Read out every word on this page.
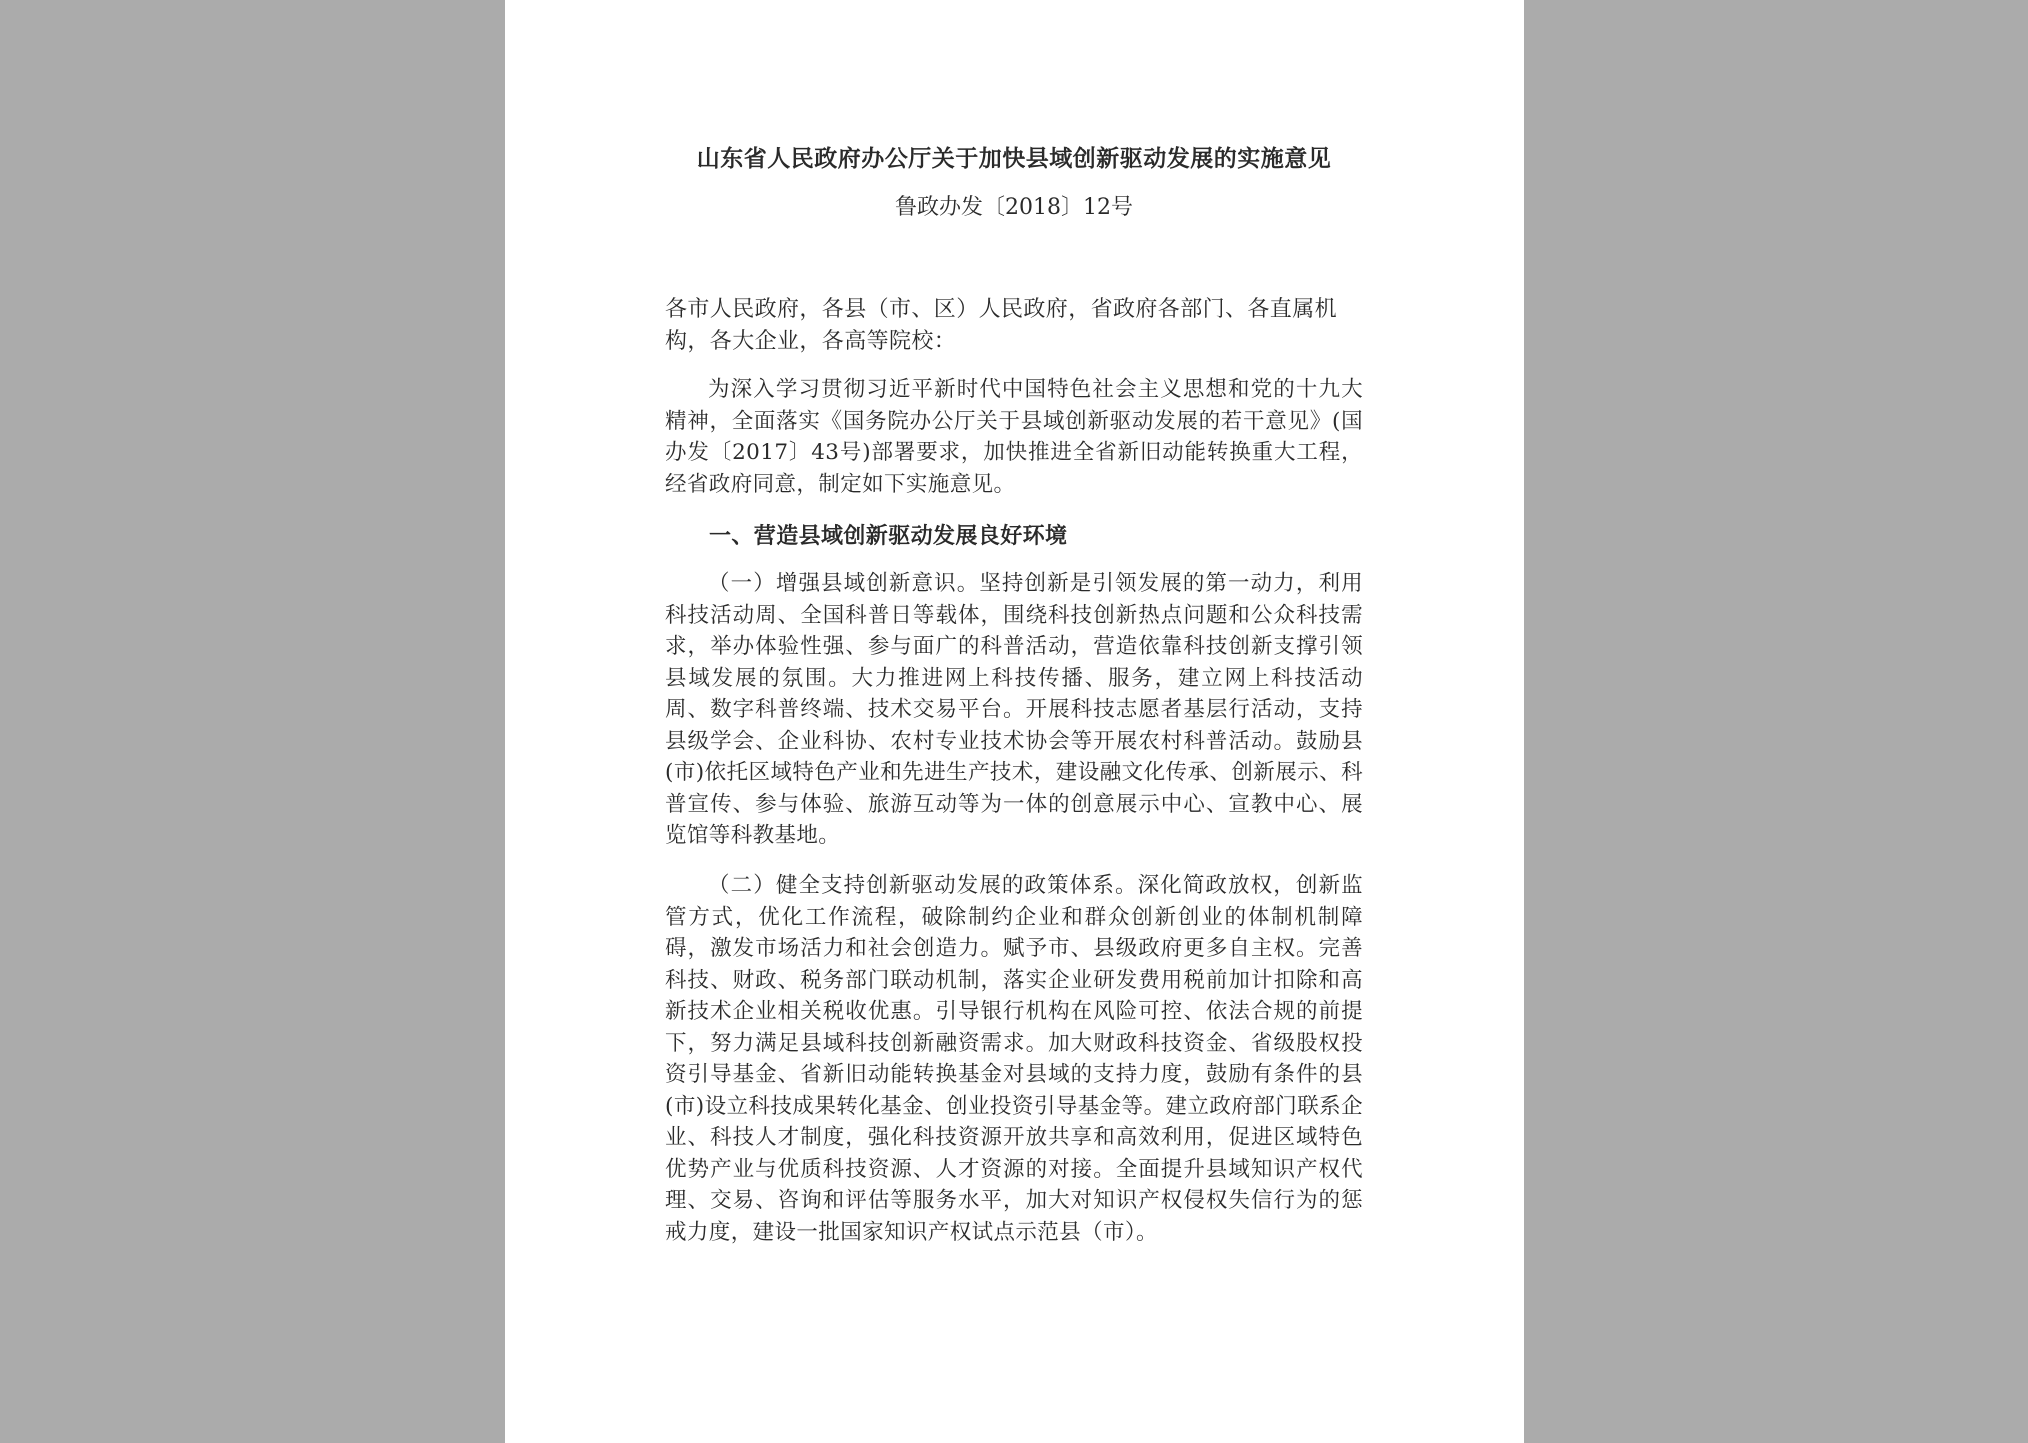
山东省人民政府办公厅关于加快县域创新驱动发展的实施意见
鲁政办发〔2018〕12号
各市人民政府，各县（市、区）人民政府，省政府各部门、各直属机构，各大企业，各高等院校：
为深入学习贯彻习近平新时代中国特色社会主义思想和党的十九大精神，全面落实《国务院办公厅关于县域创新驱动发展的若干意见》(国办发〔2017〕43号)部署要求，加快推进全省新旧动能转换重大工程，经省政府同意，制定如下实施意见。
一、营造县域创新驱动发展良好环境
（一）增强县域创新意识。坚持创新是引领发展的第一动力，利用科技活动周、全国科普日等载体，围绕科技创新热点问题和公众科技需求，举办体验性强、参与面广的科普活动，营造依靠科技创新支撑引领县域发展的氛围。大力推进网上科技传播、服务，建立网上科技活动周、数字科普终端、技术交易平台。开展科技志愿者基层行活动，支持县级学会、企业科协、农村专业技术协会等开展农村科普活动。鼓励县(市)依托区域特色产业和先进生产技术，建设融文化传承、创新展示、科普宣传、参与体验、旅游互动等为一体的创意展示中心、宣教中心、展览馆等科教基地。
（二）健全支持创新驱动发展的政策体系。深化简政放权，创新监管方式，优化工作流程，破除制约企业和群众创新创业的体制机制障碍，激发市场活力和社会创造力。赋予市、县级政府更多自主权。完善科技、财政、税务部门联动机制，落实企业研发费用税前加计扣除和高新技术企业相关税收优惠。引导银行机构在风险可控、依法合规的前提下，努力满足县域科技创新融资需求。加大财政科技资金、省级股权投资引导基金、省新旧动能转换基金对县域的支持力度，鼓励有条件的县(市)设立科技成果转化基金、创业投资引导基金等。建立政府部门联系企业、科技人才制度，强化科技资源开放共享和高效利用，促进区域特色优势产业与优质科技资源、人才资源的对接。全面提升县域知识产权代理、交易、咨询和评估等服务水平，加大对知识产权侵权失信行为的惩戒力度，建设一批国家知识产权试点示范县（市）。
